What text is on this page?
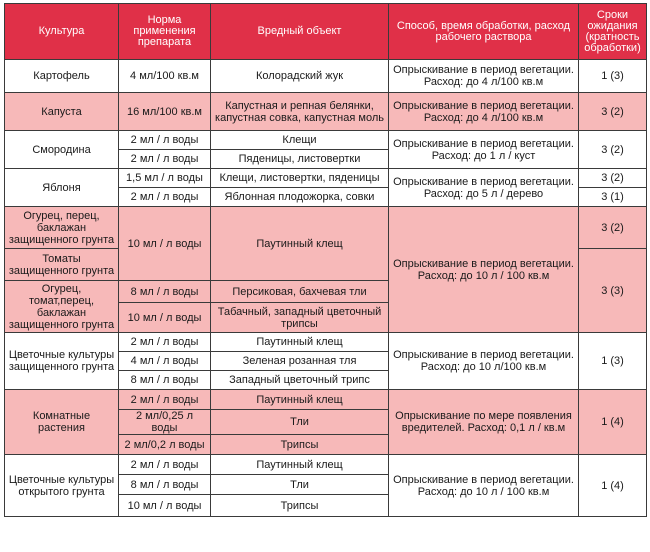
Культура	Норма применения препарата	Вредный объект	Способ, время обработки, расход рабочего раствора	Сроки ожидания (кратность обработки)
Картофель	4 мл/100 кв.м	Колорадский жук	Опрыскивание в период вегетации. Расход: до 4 л/100 кв.м	1 (3)
Капуста	16 мл/100 кв.м	Капустная и репная белянки, капустная совка, капустная моль	Опрыскивание в период вегетации. Расход: до 4 л/100 кв.м	3 (2)
Смородина	2 мл / л воды	Клещи	Опрыскивание в период вегетации. Расход: до 1 л / куст	3 (2)
	2 мл / л воды	Пяденицы, листовертки		
Яблоня	1,5 мл / л воды	Клещи, листовертки, пяденицы	Опрыскивание в период вегетации. Расход: до 5 л / дерево	3 (2)
	2 мл / л воды	Яблонная плодожорка, совки		3 (1)
Огурец, перец, баклажан защищенного грунта	10 мл / л воды	Паутинный клещ	Опрыскивание в период вегетации. Расход: до 10 л / 100 кв.м	3 (2)
Томаты защищенного грунта				3 (3)
Огурец, томат,перец, баклажан защищенного грунта	8 мл / л воды	Персиковая, бахчевая тли		
	10 мл / л воды	Табачный, западный цветочный трипсы		
Цветочные культуры защищенного грунта	2 мл / л воды	Паутинный клещ	Опрыскивание в период вегетации. Расход: до 10 л/100 кв.м	1 (3)
	4 мл / л воды	Зеленая розанная тля		
	8 мл / л воды	Западный цветочный трипс		
Комнатные растения	2 мл / л воды	Паутинный клещ	Опрыскивание по мере появления вредителей. Расход: 0,1 л / кв.м	1 (4)
	2 мл/0,25 л воды	Тли		
	2 мл/0,2 л воды	Трипсы		
Цветочные культуры открытого грунта	2 мл / л воды	Паутинный клещ	Опрыскивание в период вегетации. Расход: до 10 л / 100 кв.м	1 (4)
	8 мл / л воды	Тли		
	10 мл / л воды	Трипсы		
